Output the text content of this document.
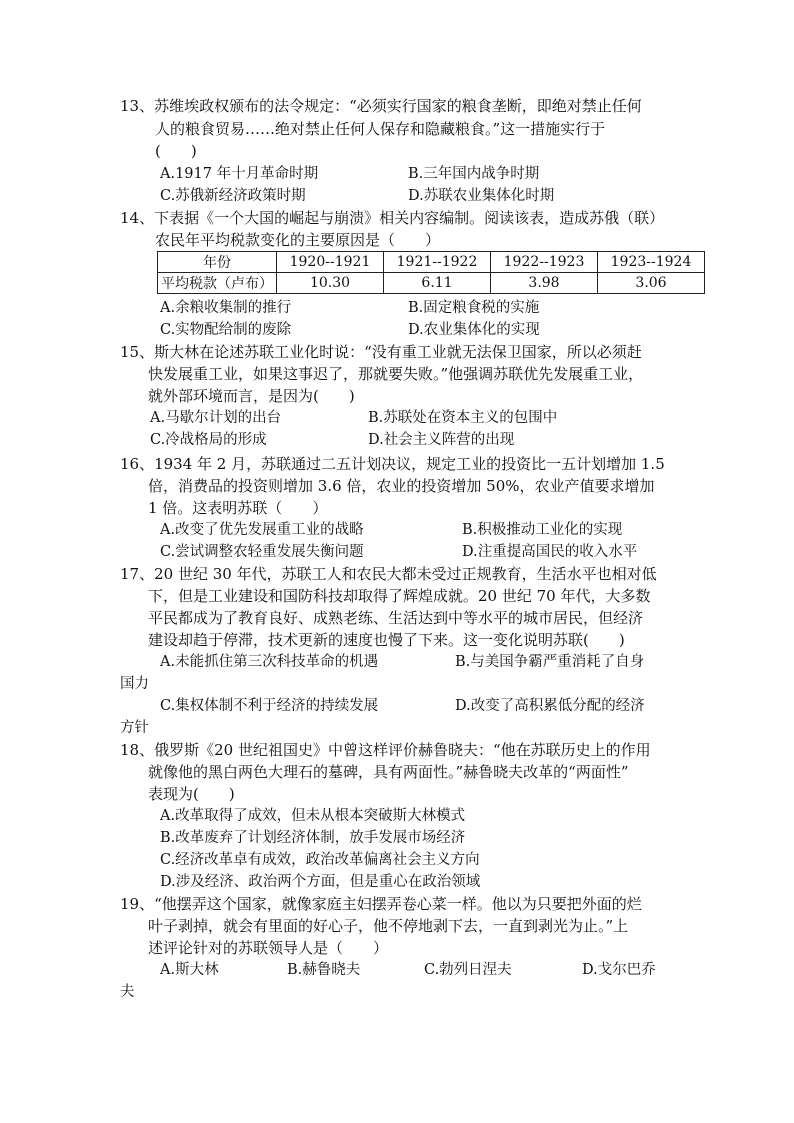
13、苏维埃政权颁布的法令规定：“必须实行国家的粮食垄断，即绝对禁止任何
人的粮食贸易……绝对禁止任何人保存和隐藏粮食。”这一措施实行于
(　　)
A.1917 年十月革命时期	B.三年国内战争时期
C.苏俄新经济政策时期	D.苏联农业集体化时期
14、下表据《一个大国的崛起与崩溃》相关内容编制。阅读该表，造成苏俄（联）
农民年平均税款变化的主要原因是（　　）
年份	1920--1921	1921--1922	1922--1923	1923--1924
平均税款（卢布）	10.30	6.11	3.98	3.06
A.余粮收集制的推行	B.固定粮食税的实施
C.实物配给制的废除	D.农业集体化的实现
15、斯大林在论述苏联工业化时说：“没有重工业就无法保卫国家，所以必须赶
快发展重工业，如果这事迟了，那就要失败。”他强调苏联优先发展重工业，
就外部环境而言，是因为(　　)
A.马歇尔计划的出台	B.苏联处在资本主义的包围中
C.冷战格局的形成	D.社会主义阵营的出现
16、1934 年 2 月，苏联通过二五计划决议，规定工业的投资比一五计划增加 1.5
倍，消费品的投资则增加 3.6 倍，农业的投资增加 50%，农业产值要求增加
1 倍。这表明苏联（　　）
A.改变了优先发展重工业的战略	B.积极推动工业化的实现
C.尝试调整农轻重发展失衡问题	D.注重提高国民的收入水平
17、20 世纪 30 年代，苏联工人和农民大都未受过正规教育，生活水平也相对低
下，但是工业建设和国防科技却取得了辉煌成就。20 世纪 70 年代，大多数
平民都成为了教育良好、成熟老练、生活达到中等水平的城市居民，但经济
建设却趋于停滞，技术更新的速度也慢了下来。这一变化说明苏联(　　)
A.未能抓住第三次科技革命的机遇	B.与美国争霸严重消耗了自身
国力
C.集权体制不利于经济的持续发展	D.改变了高积累低分配的经济
方针
18、俄罗斯《20 世纪祖国史》中曾这样评价赫鲁晓夫：“他在苏联历史上的作用
就像他的黑白两色大理石的墓碑，具有两面性。”赫鲁晓夫改革的“两面性”
表现为(　　)
A.改革取得了成效，但未从根本突破斯大林模式
B.改革废弃了计划经济体制，放手发展市场经济
C.经济改革卓有成效，政治改革偏离社会主义方向
D.涉及经济、政治两个方面，但是重心在政治领域
19、“他摆弄这个国家，就像家庭主妇摆弄卷心菜一样。他以为只要把外面的烂
叶子剥掉，就会有里面的好心子，他不停地剥下去，一直到剥光为止。”上
述评论针对的苏联领导人是（　　）
A.斯大林	B.赫鲁晓夫	C.勃列日涅夫	D.戈尔巴乔
夫
